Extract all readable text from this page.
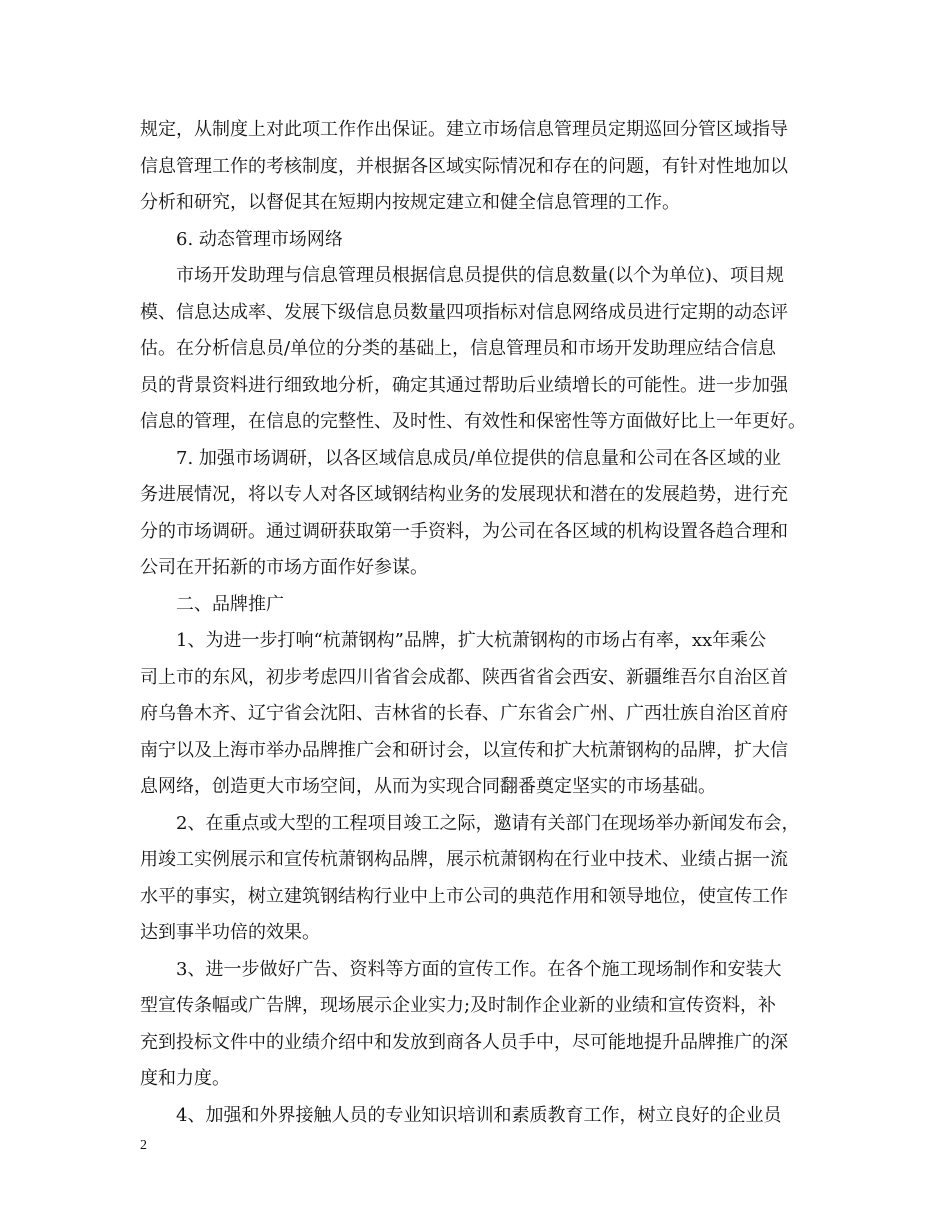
规定，从制度上对此项工作作出保证。建立市场信息管理员定期巡回分管区域指导
信息管理工作的考核制度，并根据各区域实际情况和存在的问题，有针对性地加以
分析和研究，以督促其在短期内按规定建立和健全信息管理的工作。
6. 动态管理市场网络
市场开发助理与信息管理员根据信息员提供的信息数量(以个为单位)、项目规
模、信息达成率、发展下级信息员数量四项指标对信息网络成员进行定期的动态评
估。在分析信息员/单位的分类的基础上，信息管理员和市场开发助理应结合信息
员的背景资料进行细致地分析，确定其通过帮助后业绩增长的可能性。进一步加强
信息的管理，在信息的完整性、及时性、有效性和保密性等方面做好比上一年更好。
7. 加强市场调研，以各区域信息成员/单位提供的信息量和公司在各区域的业
务进展情况，将以专人对各区域钢结构业务的发展现状和潜在的发展趋势，进行充
分的市场调研。通过调研获取第一手资料，为公司在各区域的机构设置各趋合理和
公司在开拓新的市场方面作好参谋。
二、品牌推广
1、为进一步打响“杭萧钢构”品牌，扩大杭萧钢构的市场占有率，xx年乘公
司上市的东风，初步考虑四川省省会成都、陕西省省会西安、新疆维吾尔自治区首
府乌鲁木齐、辽宁省会沈阳、吉林省的长春、广东省会广州、广西壮族自治区首府
南宁以及上海市举办品牌推广会和研讨会，以宣传和扩大杭萧钢构的品牌，扩大信
息网络，创造更大市场空间，从而为实现合同翻番奠定坚实的市场基础。
2、在重点或大型的工程项目竣工之际，邀请有关部门在现场举办新闻发布会，
用竣工实例展示和宣传杭萧钢构品牌，展示杭萧钢构在行业中技术、业绩占据一流
水平的事实，树立建筑钢结构行业中上市公司的典范作用和领导地位，使宣传工作
达到事半功倍的效果。
3、进一步做好广告、资料等方面的宣传工作。在各个施工现场制作和安装大
型宣传条幅或广告牌，现场展示企业实力;及时制作企业新的业绩和宣传资料，补
充到投标文件中的业绩介绍中和发放到商各人员手中，尽可能地提升品牌推广的深
度和力度。
4、加强和外界接触人员的专业知识培训和素质教育工作，树立良好的企业员
2
